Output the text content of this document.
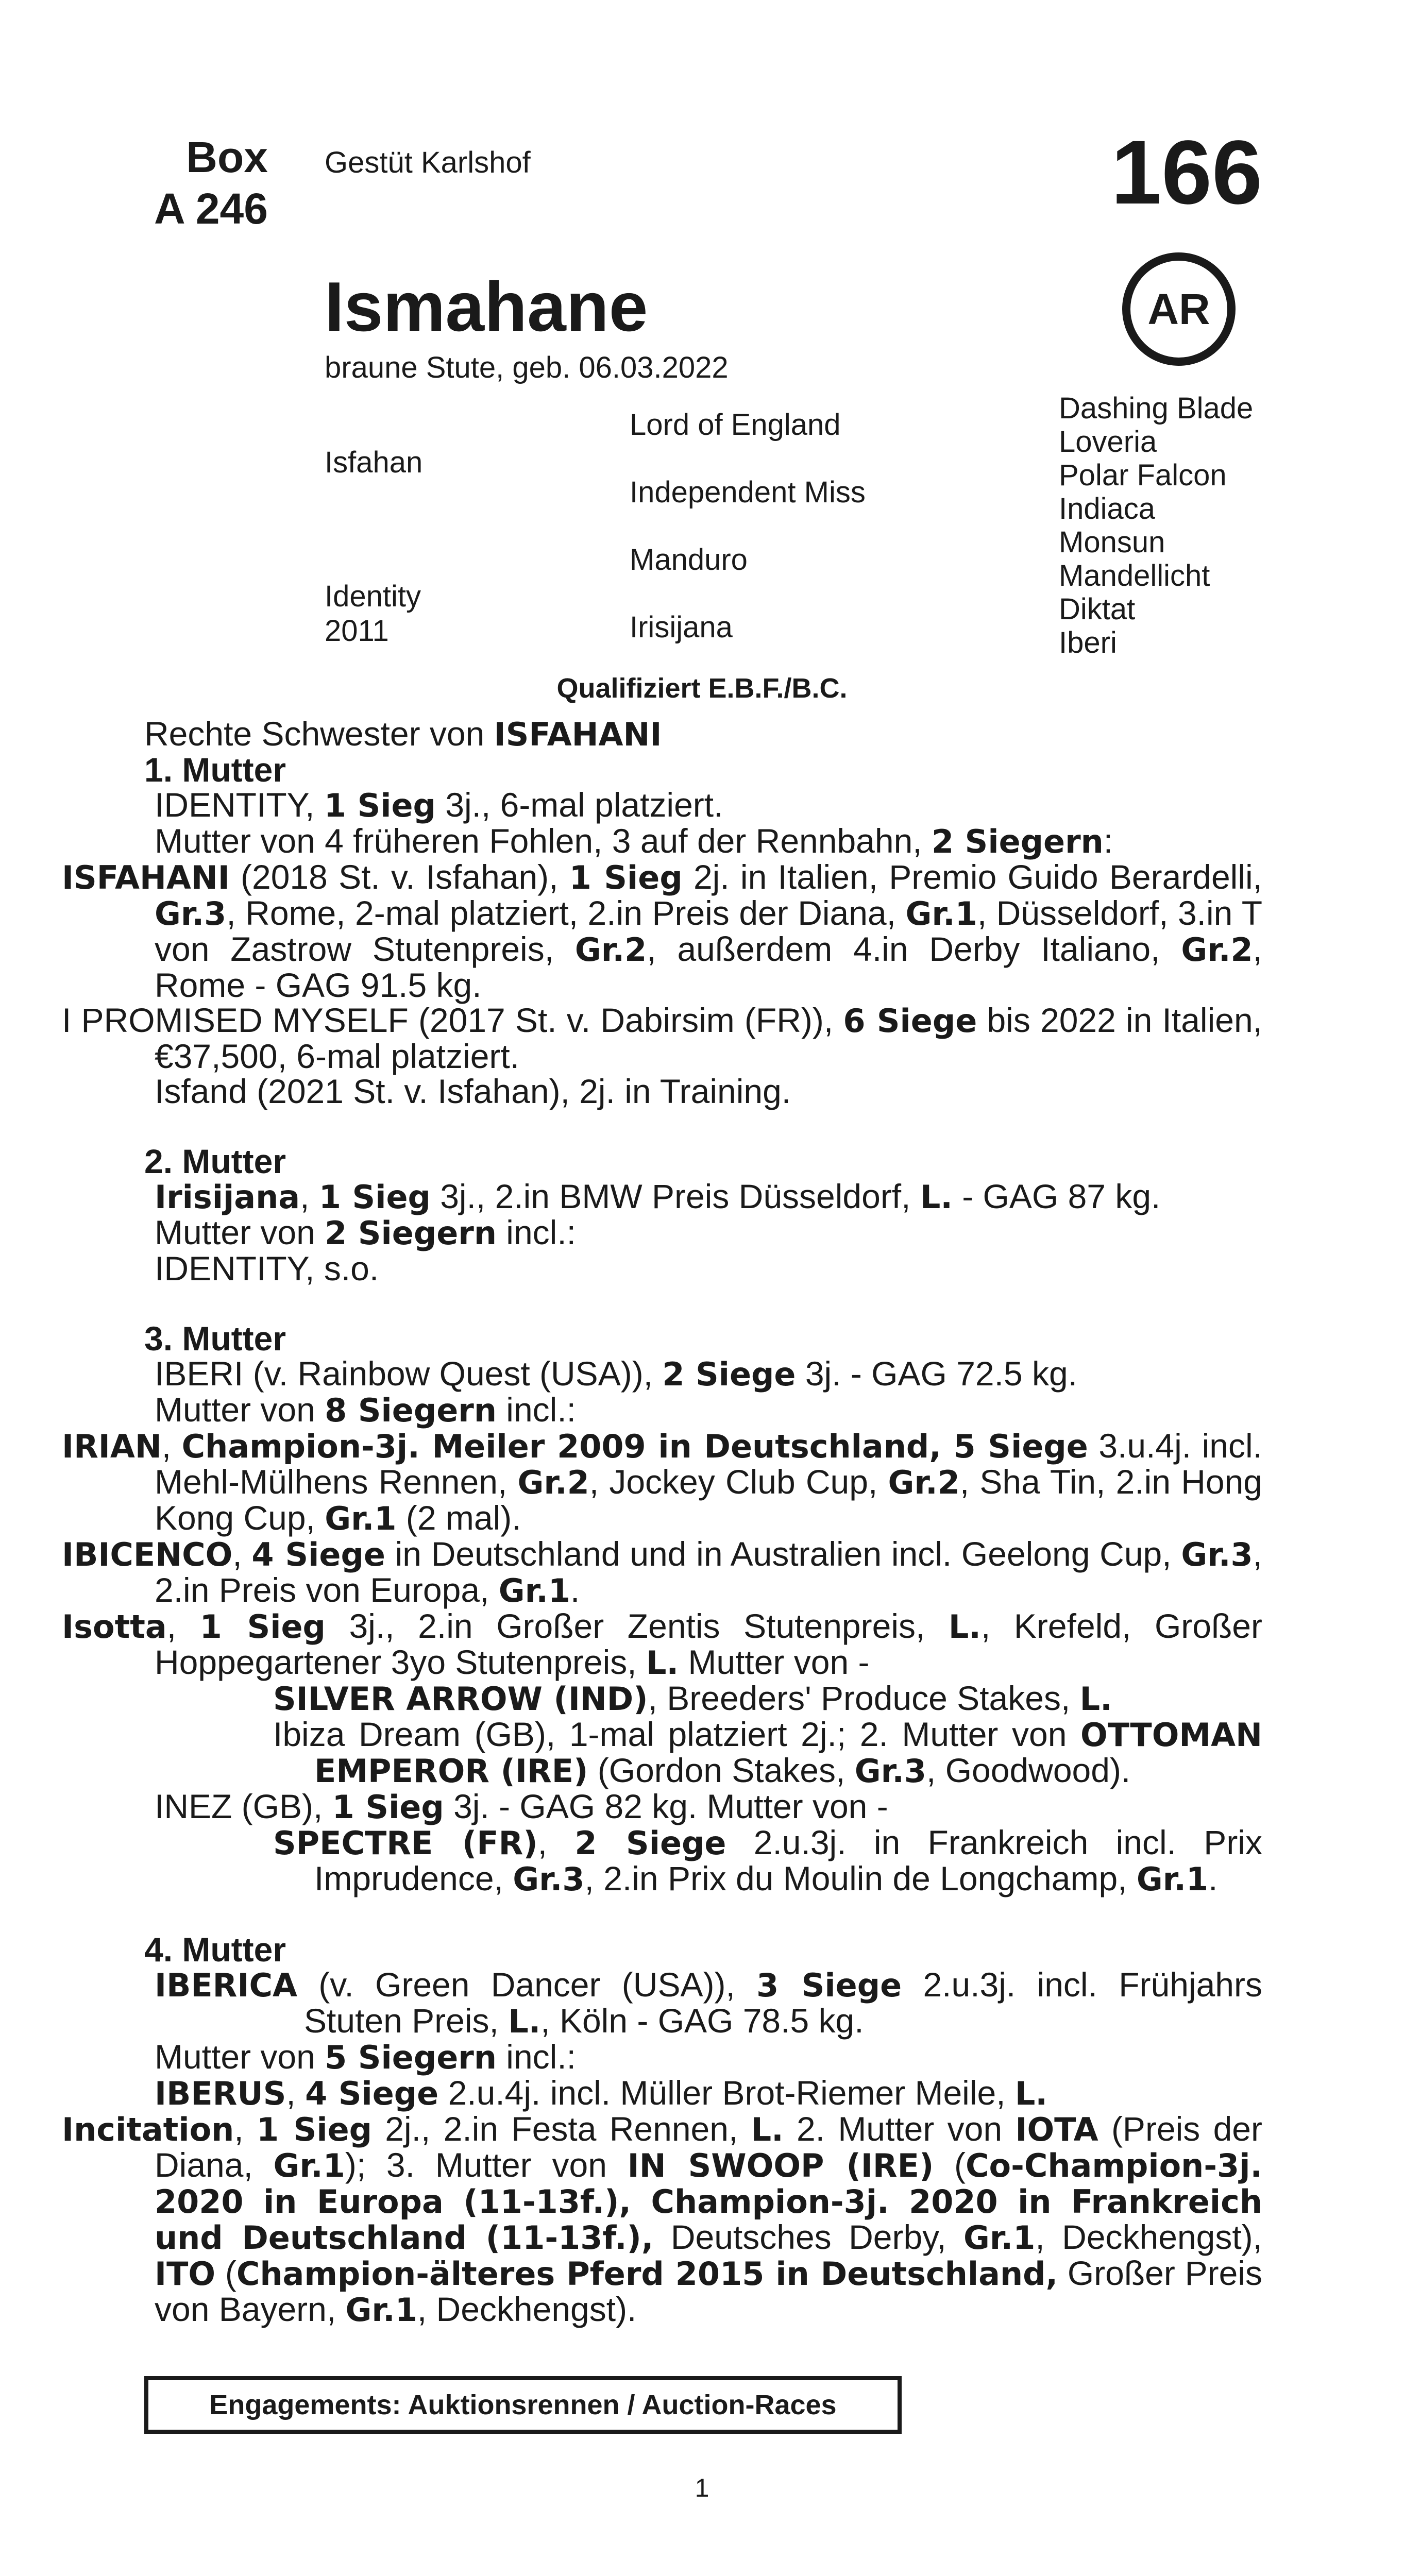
Box
A 246
Gestüt Karlshof	166
AR
Ismahane
braune Stute, geb. 06.03.2022
Isfahan
Identity
2011
Lord of England
Independent Miss
Manduro
Irisijana
Dashing Blade
Loveria
Polar Falcon
Indiaca
Monsun
Mandellicht
Diktat
Iberi
Qualifiziert E.B.F./B.C.

Rechte Schwester von ISFAHANI

1. Mutter

IDENTITY, 1 Sieg 3j., 6-mal platziert.

Mutter von 4 früheren Fohlen, 3 auf der Rennbahn, 2 Siegern:

ISFAHANI (2018 St. v. Isfahan), 1 Sieg 2j. in Italien, Premio Guido Berardelli, Gr.3, Rome, 2-mal platziert, 2.in Preis der Diana, Gr.1, Düsseldorf, 3.in T von Zastrow Stutenpreis, Gr.2, außerdem 4.in Derby Italiano, Gr.2, Rome - GAG 91.5 kg.

I PROMISED MYSELF (2017 St. v. Dabirsim (FR)), 6 Siege bis 2022 in Italien, €37,500, 6-mal platziert.

Isfand (2021 St. v. Isfahan), 2j. in Training.

2. Mutter

Irisijana, 1 Sieg 3j., 2.in BMW Preis Düsseldorf, L. - GAG 87 kg.

Mutter von 2 Siegern incl.:

IDENTITY, s.o.

3. Mutter

IBERI (v. Rainbow Quest (USA)), 2 Siege 3j. - GAG 72.5 kg.

Mutter von 8 Siegern incl.:

IRIAN, Champion-3j. Meiler 2009 in Deutschland, 5 Siege 3.u.4j. incl. Mehl-Mülhens Rennen, Gr.2, Jockey Club Cup, Gr.2, Sha Tin, 2.in Hong Kong Cup, Gr.1 (2 mal).

IBICENCO, 4 Siege in Deutschland und in Australien incl. Geelong Cup, Gr.3, 2.in Preis von Europa, Gr.1.

Isotta, 1 Sieg 3j., 2.in Großer Zentis Stutenpreis, L., Krefeld, Großer Hoppegartener 3yo Stutenpreis, L. Mutter von -

SILVER ARROW (IND), Breeders' Produce Stakes, L.

Ibiza Dream (GB), 1-mal platziert 2j.; 2. Mutter von OTTOMAN EMPEROR (IRE) (Gordon Stakes, Gr.3, Goodwood).

INEZ (GB), 1 Sieg 3j. - GAG 82 kg. Mutter von -

SPECTRE (FR), 2 Siege 2.u.3j. in Frankreich incl. Prix Imprudence, Gr.3, 2.in Prix du Moulin de Longchamp, Gr.1.

4. Mutter

IBERICA (v. Green Dancer (USA)), 3 Siege 2.u.3j. incl. Frühjahrs Stuten Preis, L., Köln - GAG 78.5 kg.

Mutter von 5 Siegern incl.:

IBERUS, 4 Siege 2.u.4j. incl. Müller Brot-Riemer Meile, L.

Incitation, 1 Sieg 2j., 2.in Festa Rennen, L. 2. Mutter von IOTA (Preis der Diana, Gr.1); 3. Mutter von IN SWOOP (IRE) (Co-Champion-3j. 2020 in Europa (11-13f.), Champion-3j. 2020 in Frankreich und Deutschland (11-13f.), Deutsches Derby, Gr.1, Deckhengst), ITO (Champion-älteres Pferd 2015 in Deutschland, Großer Preis von Bayern, Gr.1, Deckhengst).

Engagements: Auktionsrennen / Auction-Races
1
